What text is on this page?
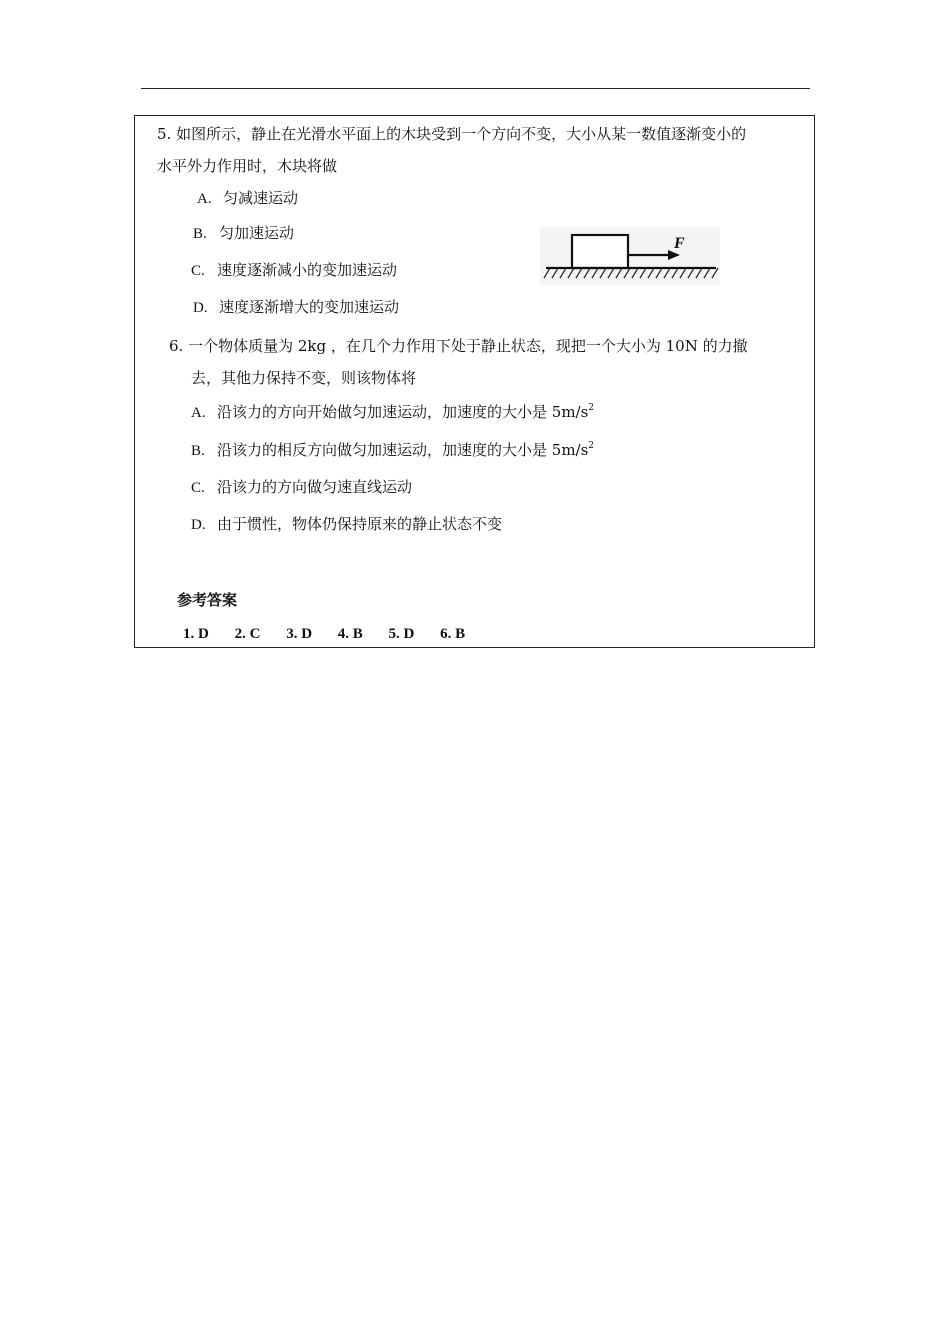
5. 如图所示，静止在光滑水平面上的木块受到一个方向不变，大小从某一数值逐渐变小的
水平外力作用时，木块将做
A. 匀减速运动
B. 匀加速运动
C. 速度逐渐减小的变加速运动
D. 速度逐渐增大的变加速运动
F
6. 一个物体质量为 2kg ，在几个力作用下处于静止状态，现把一个大小为 10N 的力撤
去，其他力保持不变，则该物体将
A. 沿该力的方向开始做匀加速运动，加速度的大小是 $5m/s^2$
B. 沿该力的相反方向做匀加速运动，加速度的大小是 $5m/s^2$
C. 沿该力的方向做匀速直线运动
D. 由于惯性，物体仍保持原来的静止状态不变
参考答案
1. D 2. C 3. D 4. B 5. D 6. B
